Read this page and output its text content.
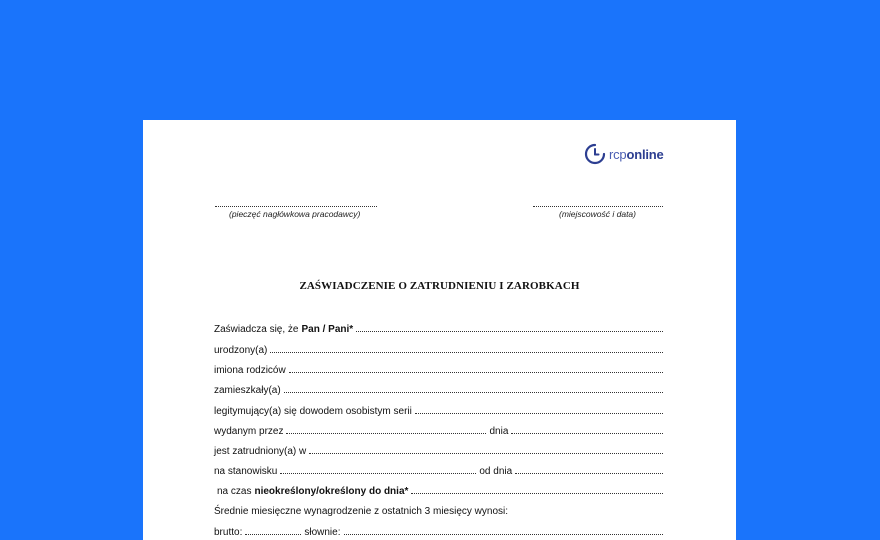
rcponline
(pieczęć nagłówkowa pracodawcy)	(miejscowość i data)
ZAŚWIADCZENIE O ZATRUDNIENIU I ZAROBKACH
Zaświadcza się, że Pan / Pani*
urodzony(a)
imiona rodziców
zamieszkały(a)
legitymujący(a) się dowodem osobistym serii
wydanym przez	dnia
jest zatrudniony(a) w
na stanowisku	od dnia
na czas nieokreślony/określony do dnia*
Średnie miesięczne wynagrodzenie z ostatnich 3 miesięcy wynosi:
brutto:	słownie:
